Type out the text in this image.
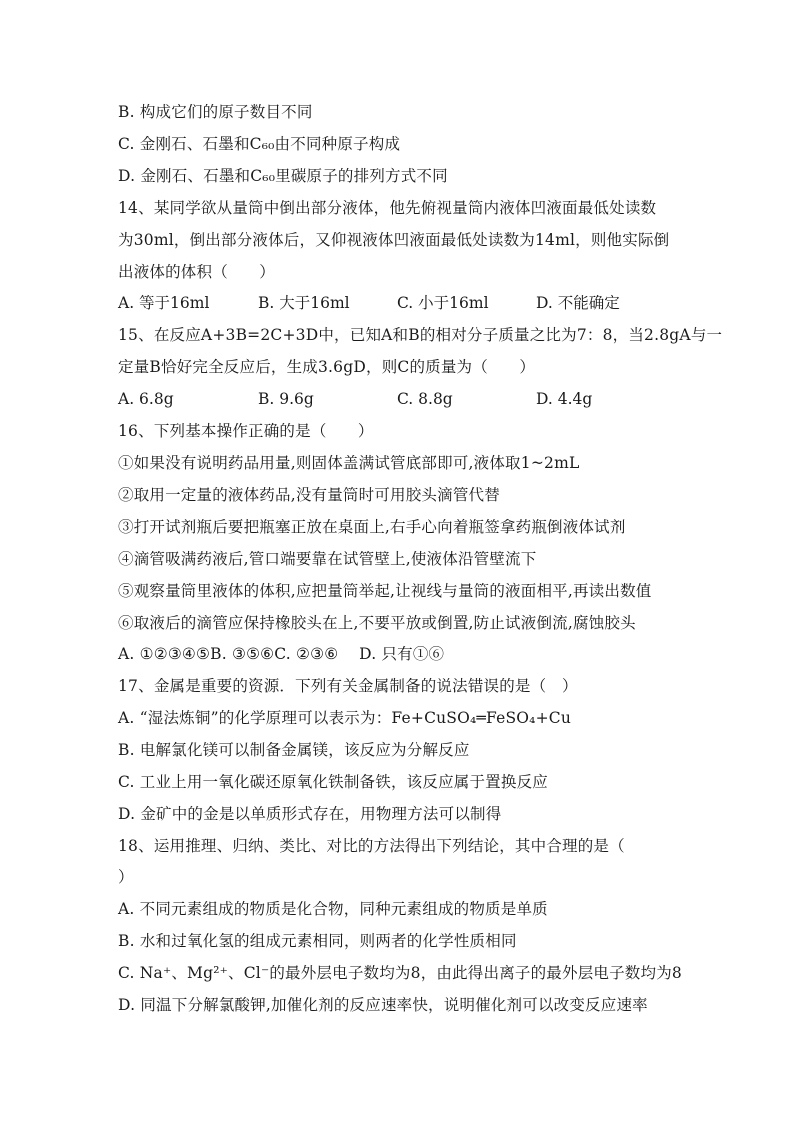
B. 构成它们的原子数目不同
C. 金刚石、石墨和C₆₀由不同种原子构成
D. 金刚石、石墨和C₆₀里碳原子的排列方式不同
14、某同学欲从量筒中倒出部分液体，他先俯视量筒内液体凹液面最低处读数
为30ml，倒出部分液体后，又仰视液体凹液面最低处读数为14ml，则他实际倒
出液体的体积（　　）
A. 等于16ml	B. 大于16ml	C. 小于16ml	D. 不能确定
15、在反应A+3B=2C+3D中，已知A和B的相对分子质量之比为7：8，当2.8gA与一
定量B恰好完全反应后，生成3.6gD，则C的质量为（　　）
A. 6.8g	B. 9.6g	C. 8.8g	D. 4.4g
16、下列基本操作正确的是（　　）
①如果没有说明药品用量,则固体盖满试管底部即可,液体取1~2mL
②取用一定量的液体药品,没有量筒时可用胶头滴管代替
③打开试剂瓶后要把瓶塞正放在桌面上,右手心向着瓶签拿药瓶倒液体试剂
④滴管吸满药液后,管口端要靠在试管壁上,使液体沿管壁流下
⑤观察量筒里液体的体积,应把量筒举起,让视线与量筒的液面相平,再读出数值
⑥取液后的滴管应保持橡胶头在上,不要平放或倒置,防止试液倒流,腐蚀胶头
A. ①②③④⑤B. ③⑤⑥C. ②③⑥　 D. 只有①⑥
17、金属是重要的资源．下列有关金属制备的说法错误的是（　）
A. “湿法炼铜”的化学原理可以表示为：Fe+CuSO₄═FeSO₄+Cu
B. 电解氯化镁可以制备金属镁，该反应为分解反应
C. 工业上用一氧化碳还原氧化铁制备铁，该反应属于置换反应
D. 金矿中的金是以单质形式存在，用物理方法可以制得
18、运用推理、归纳、类比、对比的方法得出下列结论，其中合理的是（
）
A. 不同元素组成的物质是化合物，同种元素组成的物质是单质
B. 水和过氧化氢的组成元素相同，则两者的化学性质相同
C. Na⁺、Mg²⁺、Cl⁻的最外层电子数均为8，由此得出离子的最外层电子数均为8
D. 同温下分解氯酸钾,加催化剂的反应速率快，说明催化剂可以改变反应速率
